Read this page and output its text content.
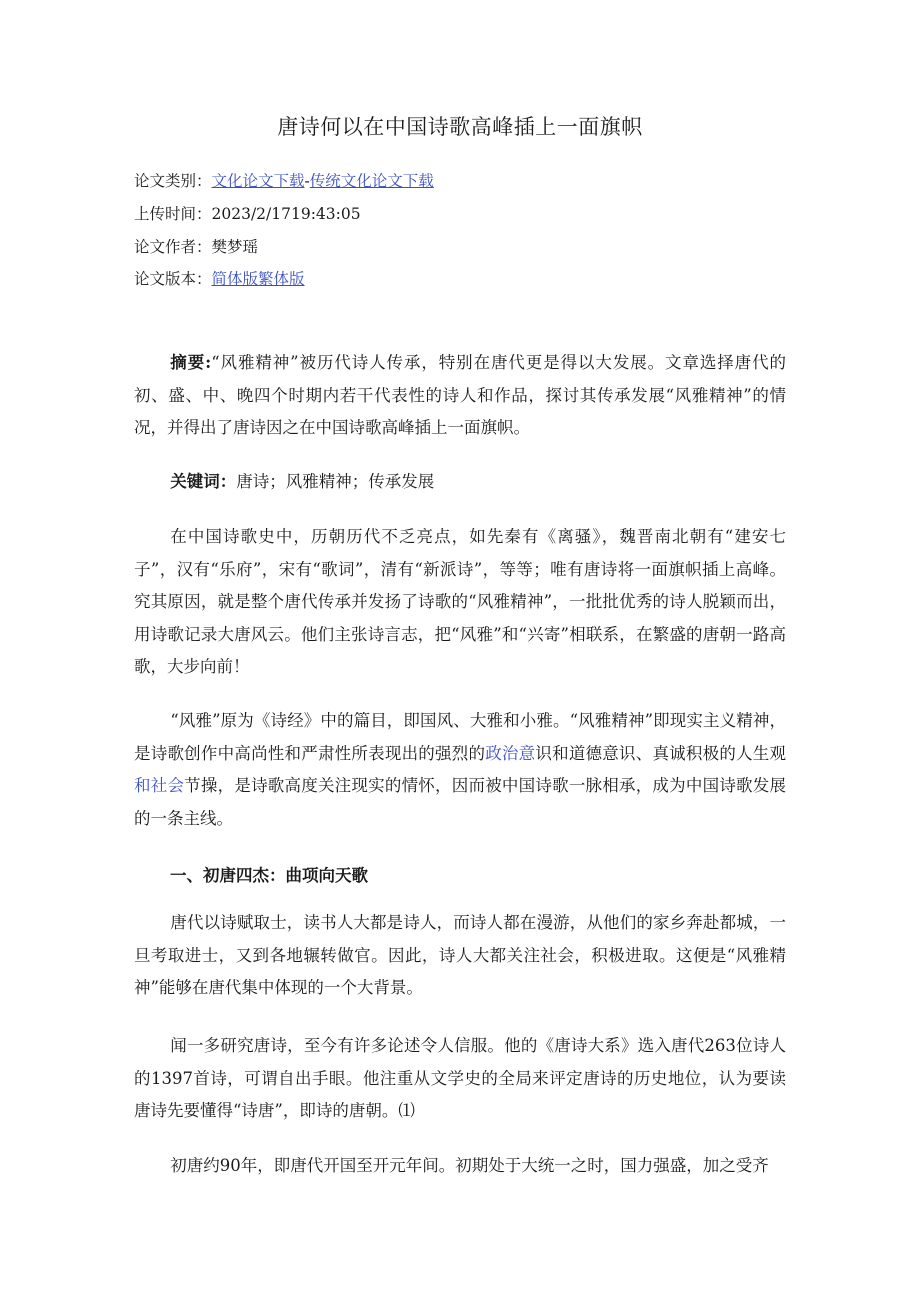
唐诗何以在中国诗歌高峰插上一面旗帜
论文类别：文化论文下载-传统文化论文下载
上传时间：2023/2/1719:43:05
论文作者：樊梦瑶
论文版本：简体版繁体版
摘要:“风雅精神”被历代诗人传承，特别在唐代更是得以大发展。文章选择唐代的初、盛、中、晚四个时期内若干代表性的诗人和作品，探讨其传承发展“风雅精神”的情况，并得出了唐诗因之在中国诗歌高峰插上一面旗帜。
关键词：唐诗；风雅精神；传承发展
在中国诗歌史中，历朝历代不乏亮点，如先秦有《离骚》，魏晋南北朝有“建安七子”，汉有“乐府”，宋有“歌词”，清有“新派诗”，等等；唯有唐诗将一面旗帜插上高峰。究其原因，就是整个唐代传承并发扬了诗歌的“风雅精神”，一批批优秀的诗人脱颖而出，用诗歌记录大唐风云。他们主张诗言志，把“风雅”和“兴寄”相联系，在繁盛的唐朝一路高歌，大步向前！
“风雅”原为《诗经》中的篇目，即国风、大雅和小雅。“风雅精神”即现实主义精神，是诗歌创作中高尚性和严肃性所表现出的强烈的政治意识和道德意识、真诚积极的人生观和社会节操，是诗歌高度关注现实的情怀，因而被中国诗歌一脉相承，成为中国诗歌发展的一条主线。
一、初唐四杰：曲项向天歌
唐代以诗赋取士，读书人大都是诗人，而诗人都在漫游，从他们的家乡奔赴都城，一旦考取进士，又到各地辗转做官。因此，诗人大都关注社会，积极进取。这便是“风雅精神”能够在唐代集中体现的一个大背景。
闻一多研究唐诗，至今有许多论述令人信服。他的《唐诗大系》选入唐代263位诗人的1397首诗，可谓自出手眼。他注重从文学史的全局来评定唐诗的历史地位，认为要读唐诗先要懂得“诗唐”，即诗的唐朝。⑴
初唐约90年，即唐代开国至开元年间。初期处于大统一之时，国力强盛，加之受齐
